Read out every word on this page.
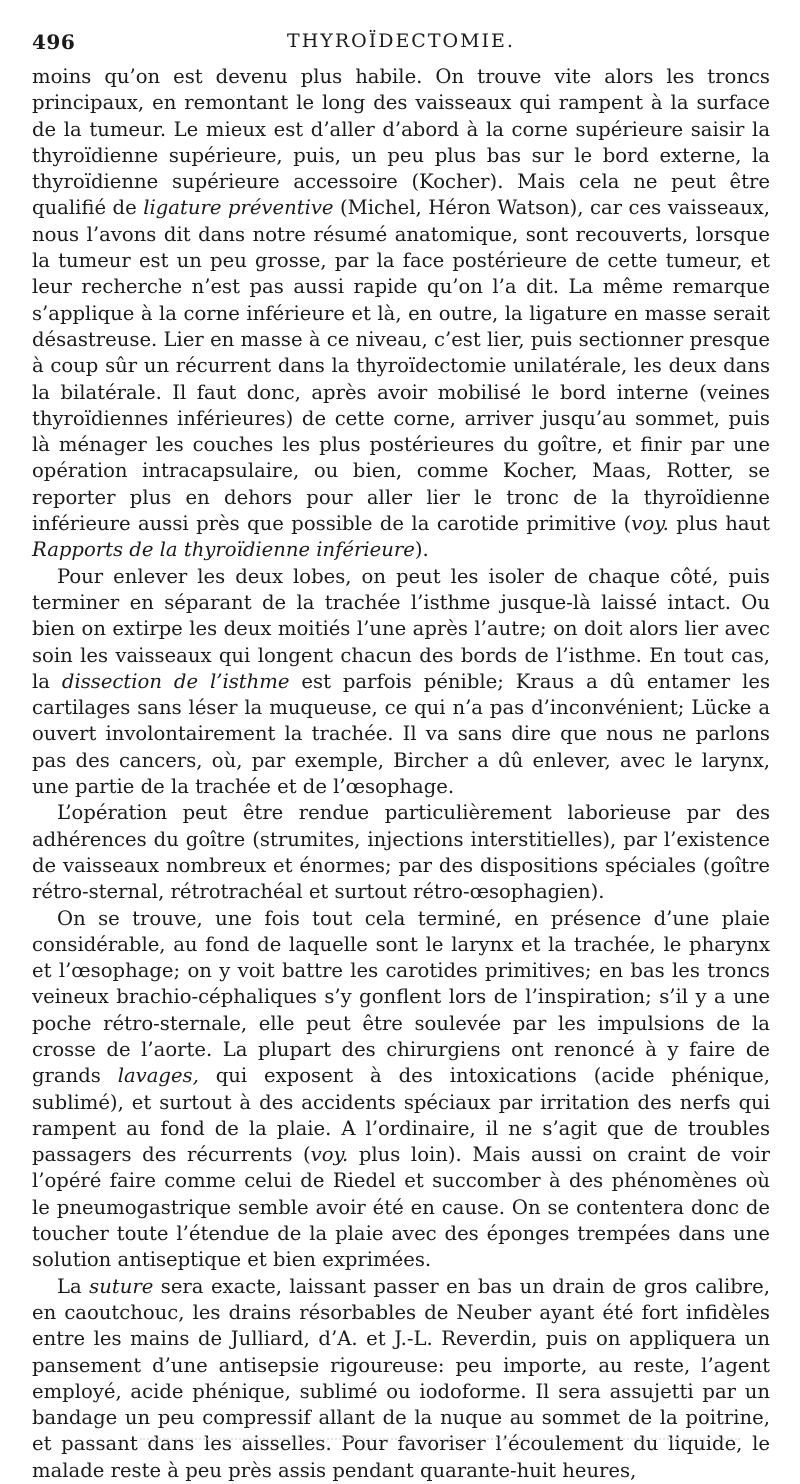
496	THYROÏDECTOMIE.

moins qu’on est devenu plus habile. On trouve vite alors les troncs principaux, en remontant le long des vaisseaux qui rampent à la surface de la tumeur. Le mieux est d’aller d’abord à la corne supérieure saisir la thyroïdienne supérieure, puis, un peu plus bas sur le bord externe, la thyroïdienne supérieure accessoire (Kocher). Mais cela ne peut être qualifié de ligature préventive (Michel, Héron Watson), car ces vaisseaux, nous l’avons dit dans notre résumé anatomique, sont recouverts, lorsque la tumeur est un peu grosse, par la face postérieure de cette tumeur, et leur recherche n’est pas aussi rapide qu’on l’a dit. La même remarque s’applique à la corne inférieure et là, en outre, la ligature en masse serait désastreuse. Lier en masse à ce niveau, c’est lier, puis sectionner presque à coup sûr un récurrent dans la thyroïdectomie unilatérale, les deux dans la bilatérale. Il faut donc, après avoir mobilisé le bord interne (veines thyroïdiennes inférieures) de cette corne, arriver jusqu’au sommet, puis là ménager les couches les plus postérieures du goître, et finir par une opération intracapsulaire, ou bien, comme Kocher, Maas, Rotter, se reporter plus en dehors pour aller lier le tronc de la thyroïdienne inférieure aussi près que possible de la carotide primitive (voy. plus haut Rapports de la thyroïdienne inférieure).

Pour enlever les deux lobes, on peut les isoler de chaque côté, puis terminer en séparant de la trachée l’isthme jusque-là laissé intact. Ou bien on extirpe les deux moitiés l’une après l’autre; on doit alors lier avec soin les vaisseaux qui longent chacun des bords de l’isthme. En tout cas, la dissection de l’isthme est parfois pénible; Kraus a dû entamer les cartilages sans léser la muqueuse, ce qui n’a pas d’inconvénient; Lücke a ouvert involontairement la trachée. Il va sans dire que nous ne parlons pas des cancers, où, par exemple, Bircher a dû enlever, avec le larynx, une partie de la trachée et de l’œsophage.

L’opération peut être rendue particulièrement laborieuse par des adhérences du goître (strumites, injections interstitielles), par l’existence de vaisseaux nombreux et énormes; par des dispositions spéciales (goître rétro-sternal, rétrotrachéal et surtout rétro-œsophagien).

On se trouve, une fois tout cela terminé, en présence d’une plaie considérable, au fond de laquelle sont le larynx et la trachée, le pharynx et l’œsophage; on y voit battre les carotides primitives; en bas les troncs veineux brachio-céphaliques s’y gonflent lors de l’inspiration; s’il y a une poche rétro-sternale, elle peut être soulevée par les impulsions de la crosse de l’aorte. La plupart des chirurgiens ont renoncé à y faire de grands lavages, qui exposent à des intoxications (acide phénique, sublimé), et surtout à des accidents spéciaux par irritation des nerfs qui rampent au fond de la plaie. A l’ordinaire, il ne s’agit que de troubles passagers des récurrents (voy. plus loin). Mais aussi on craint de voir l’opéré faire comme celui de Riedel et succomber à des phénomènes où le pneumogastrique semble avoir été en cause. On se contentera donc de toucher toute l’étendue de la plaie avec des éponges trempées dans une solution antiseptique et bien exprimées.

La suture sera exacte, laissant passer en bas un drain de gros calibre, en caoutchouc, les drains résorbables de Neuber ayant été fort infidèles entre les mains de Julliard, d’A. et J.-L. Reverdin, puis on appliquera un pansement d’une antisepsie rigoureuse: peu importe, au reste, l’agent employé, acide phénique, sublimé ou iodoforme. Il sera assujetti par un bandage un peu compressif allant de la nuque au sommet de la poitrine, et passant dans les aisselles. Pour favoriser l’écoulement du liquide, le malade reste à peu près assis pendant quarante-huit heures,
